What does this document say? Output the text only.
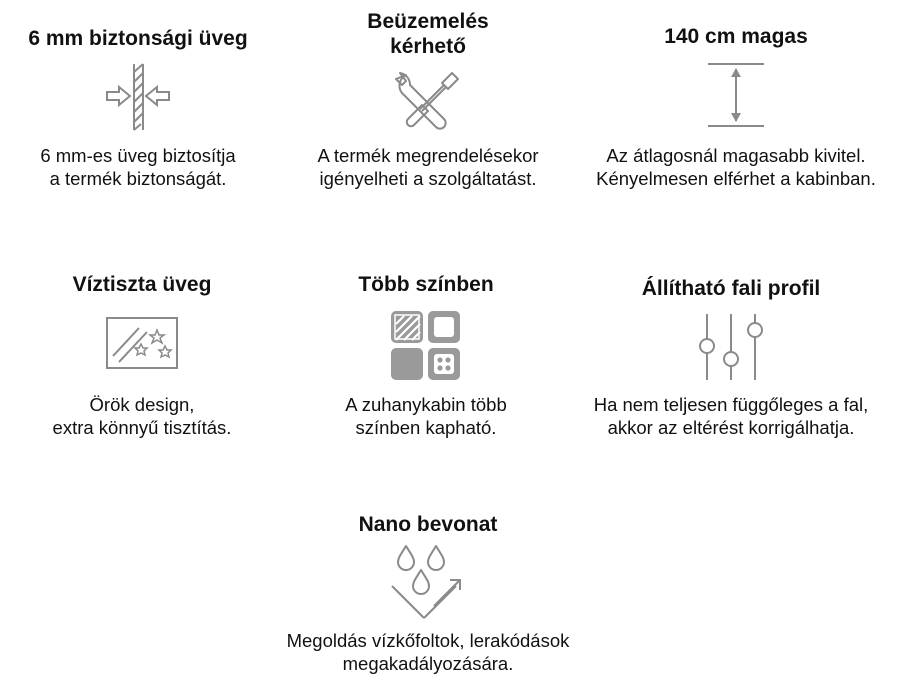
6 mm biztonsági üveg

6 mm-es üveg biztosítja

a termék biztonságát.

Beüzemelés

kérhető

A termék megrendelésekor

igényelheti a szolgáltatást.

140 cm magas

Az átlagosnál magasabb kivitel.

Kényelmesen elférhet a kabinban.

Víztiszta üveg

Örök design,

extra könnyű tisztítás.

Több színben

A zuhanykabin több

színben kapható.

Állítható fali profil

Ha nem teljesen függőleges a fal,

akkor az eltérést korrigálhatja.

Nano bevonat

Megoldás vízkőfoltok, lerakódások

megakadályozására.
